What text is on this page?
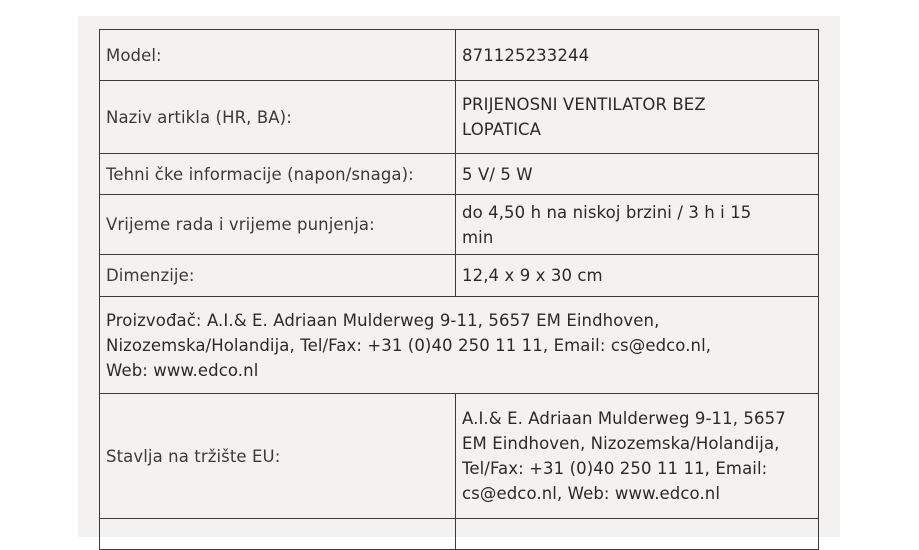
Model:	871125233244

Naziv artikla (HR, BA):	PRIJENOSNI VENTILATOR BEZ
LOPATICA

Tehni čke informacije (napon/snaga):	5 V/ 5 W

Vrijeme rada i vrijeme punjenja:	do 4,50 h na niskoj brzini / 3 h i 15
min

Dimenzije:	12,4 x 9 x 30 cm

Proizvođač: A.I.& E. Adriaan Mulderweg 9-11, 5657 EM Eindhoven,
Nizozemska/Holandija, Tel/Fax: +31 (0)40 250 11 11, Email: cs@edco.nl,
Web: www.edco.nl	

Stavlja na tržište EU:	A.I.& E. Adriaan Mulderweg 9-11, 5657
EM Eindhoven, Nizozemska/Holandija,
Tel/Fax: +31 (0)40 250 11 11, Email:
cs@edco.nl, Web: www.edco.nl
